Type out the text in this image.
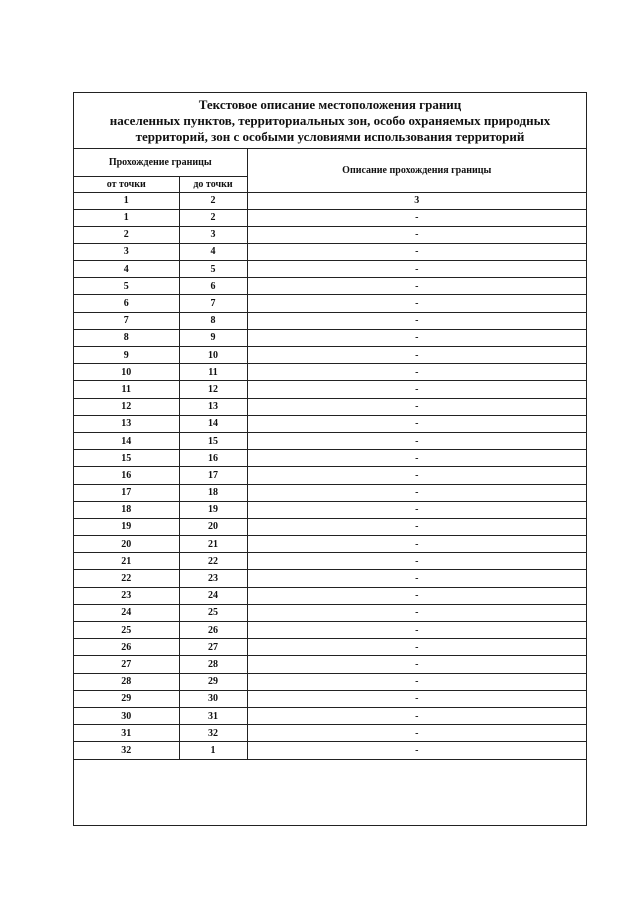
Текстовое описание местоположения границ
населенных пунктов, территориальных зон, особо охраняемых природных
территорий, зон с особыми условиями использования территорий
Прохождение границы		Описание прохождения границы
от точки	до точки	
1	2	3
1	2	-
2	3	-
3	4	-
4	5	-
5	6	-
6	7	-
7	8	-
8	9	-
9	10	-
10	11	-
11	12	-
12	13	-
13	14	-
14	15	-
15	16	-
16	17	-
17	18	-
18	19	-
19	20	-
20	21	-
21	22	-
22	23	-
23	24	-
24	25	-
25	26	-
26	27	-
27	28	-
28	29	-
29	30	-
30	31	-
31	32	-
32	1	-
